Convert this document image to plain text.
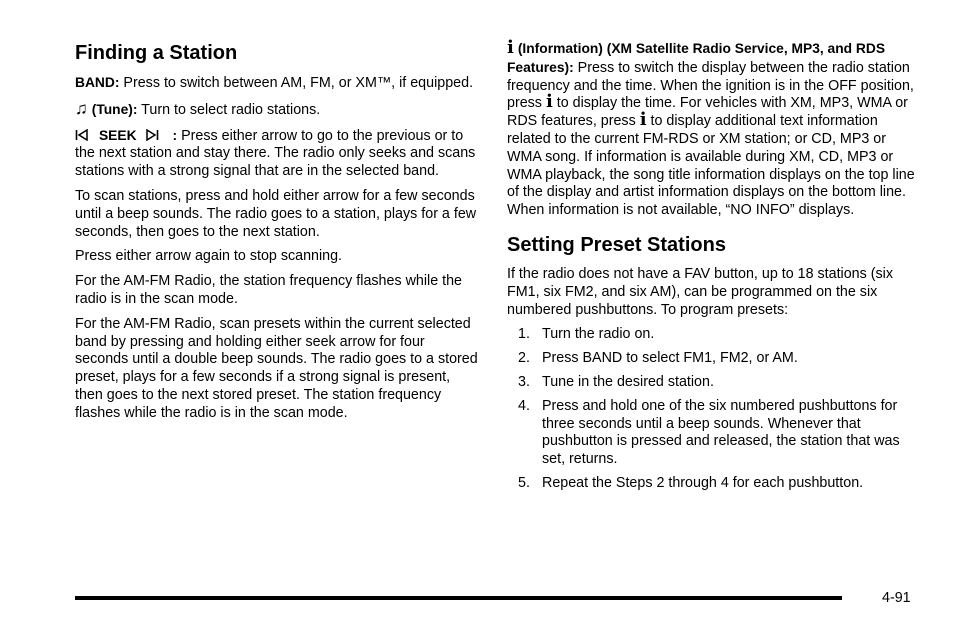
Finding a Station

BAND: Press to switch between AM, FM, or XM™, if equipped.

♫ (Tune): Turn to select radio stations.

SEEK	: Press either arrow to go to the previous or to the next station and stay there. The radio only seeks and scans stations with a strong signal that are in the selected band.

To scan stations, press and hold either arrow for a few seconds until a beep sounds. The radio goes to a station, plays for a few seconds, then goes to the next station.

Press either arrow again to stop scanning.

For the AM-FM Radio, the station frequency flashes while the radio is in the scan mode.

For the AM-FM Radio, scan presets within the current selected band by pressing and holding either seek arrow for four seconds until a double beep sounds. The radio goes to a stored preset, plays for a few seconds if a strong signal is present, then goes to the next stored preset. The station frequency flashes while the radio is in the scan mode.

i (Information) (XM Satellite Radio Service, MP3, and RDS Features): Press to switch the display between the radio station frequency and the time. When the ignition is in the OFF position, press i to display the time. For vehicles with XM, MP3, WMA or RDS features, press i to display additional text information related to the current FM-RDS or XM station; or CD, MP3 or WMA song. If information is available during XM, CD, MP3 or WMA playback, the song title information displays on the top line of the display and artist information displays on the bottom line. When information is not available, “NO INFO” displays.

Setting Preset Stations

If the radio does not have a FAV button, up to 18 stations (six FM1, six FM2, and six AM), can be programmed on the six numbered pushbuttons. To program presets:

1. Turn the radio on.
2. Press BAND to select FM1, FM2, or AM.
3. Tune in the desired station.
4. Press and hold one of the six numbered pushbuttons for three seconds until a beep sounds. Whenever that pushbutton is pressed and released, the station that was set, returns.
5. Repeat the Steps 2 through 4 for each pushbutton.
4-91
